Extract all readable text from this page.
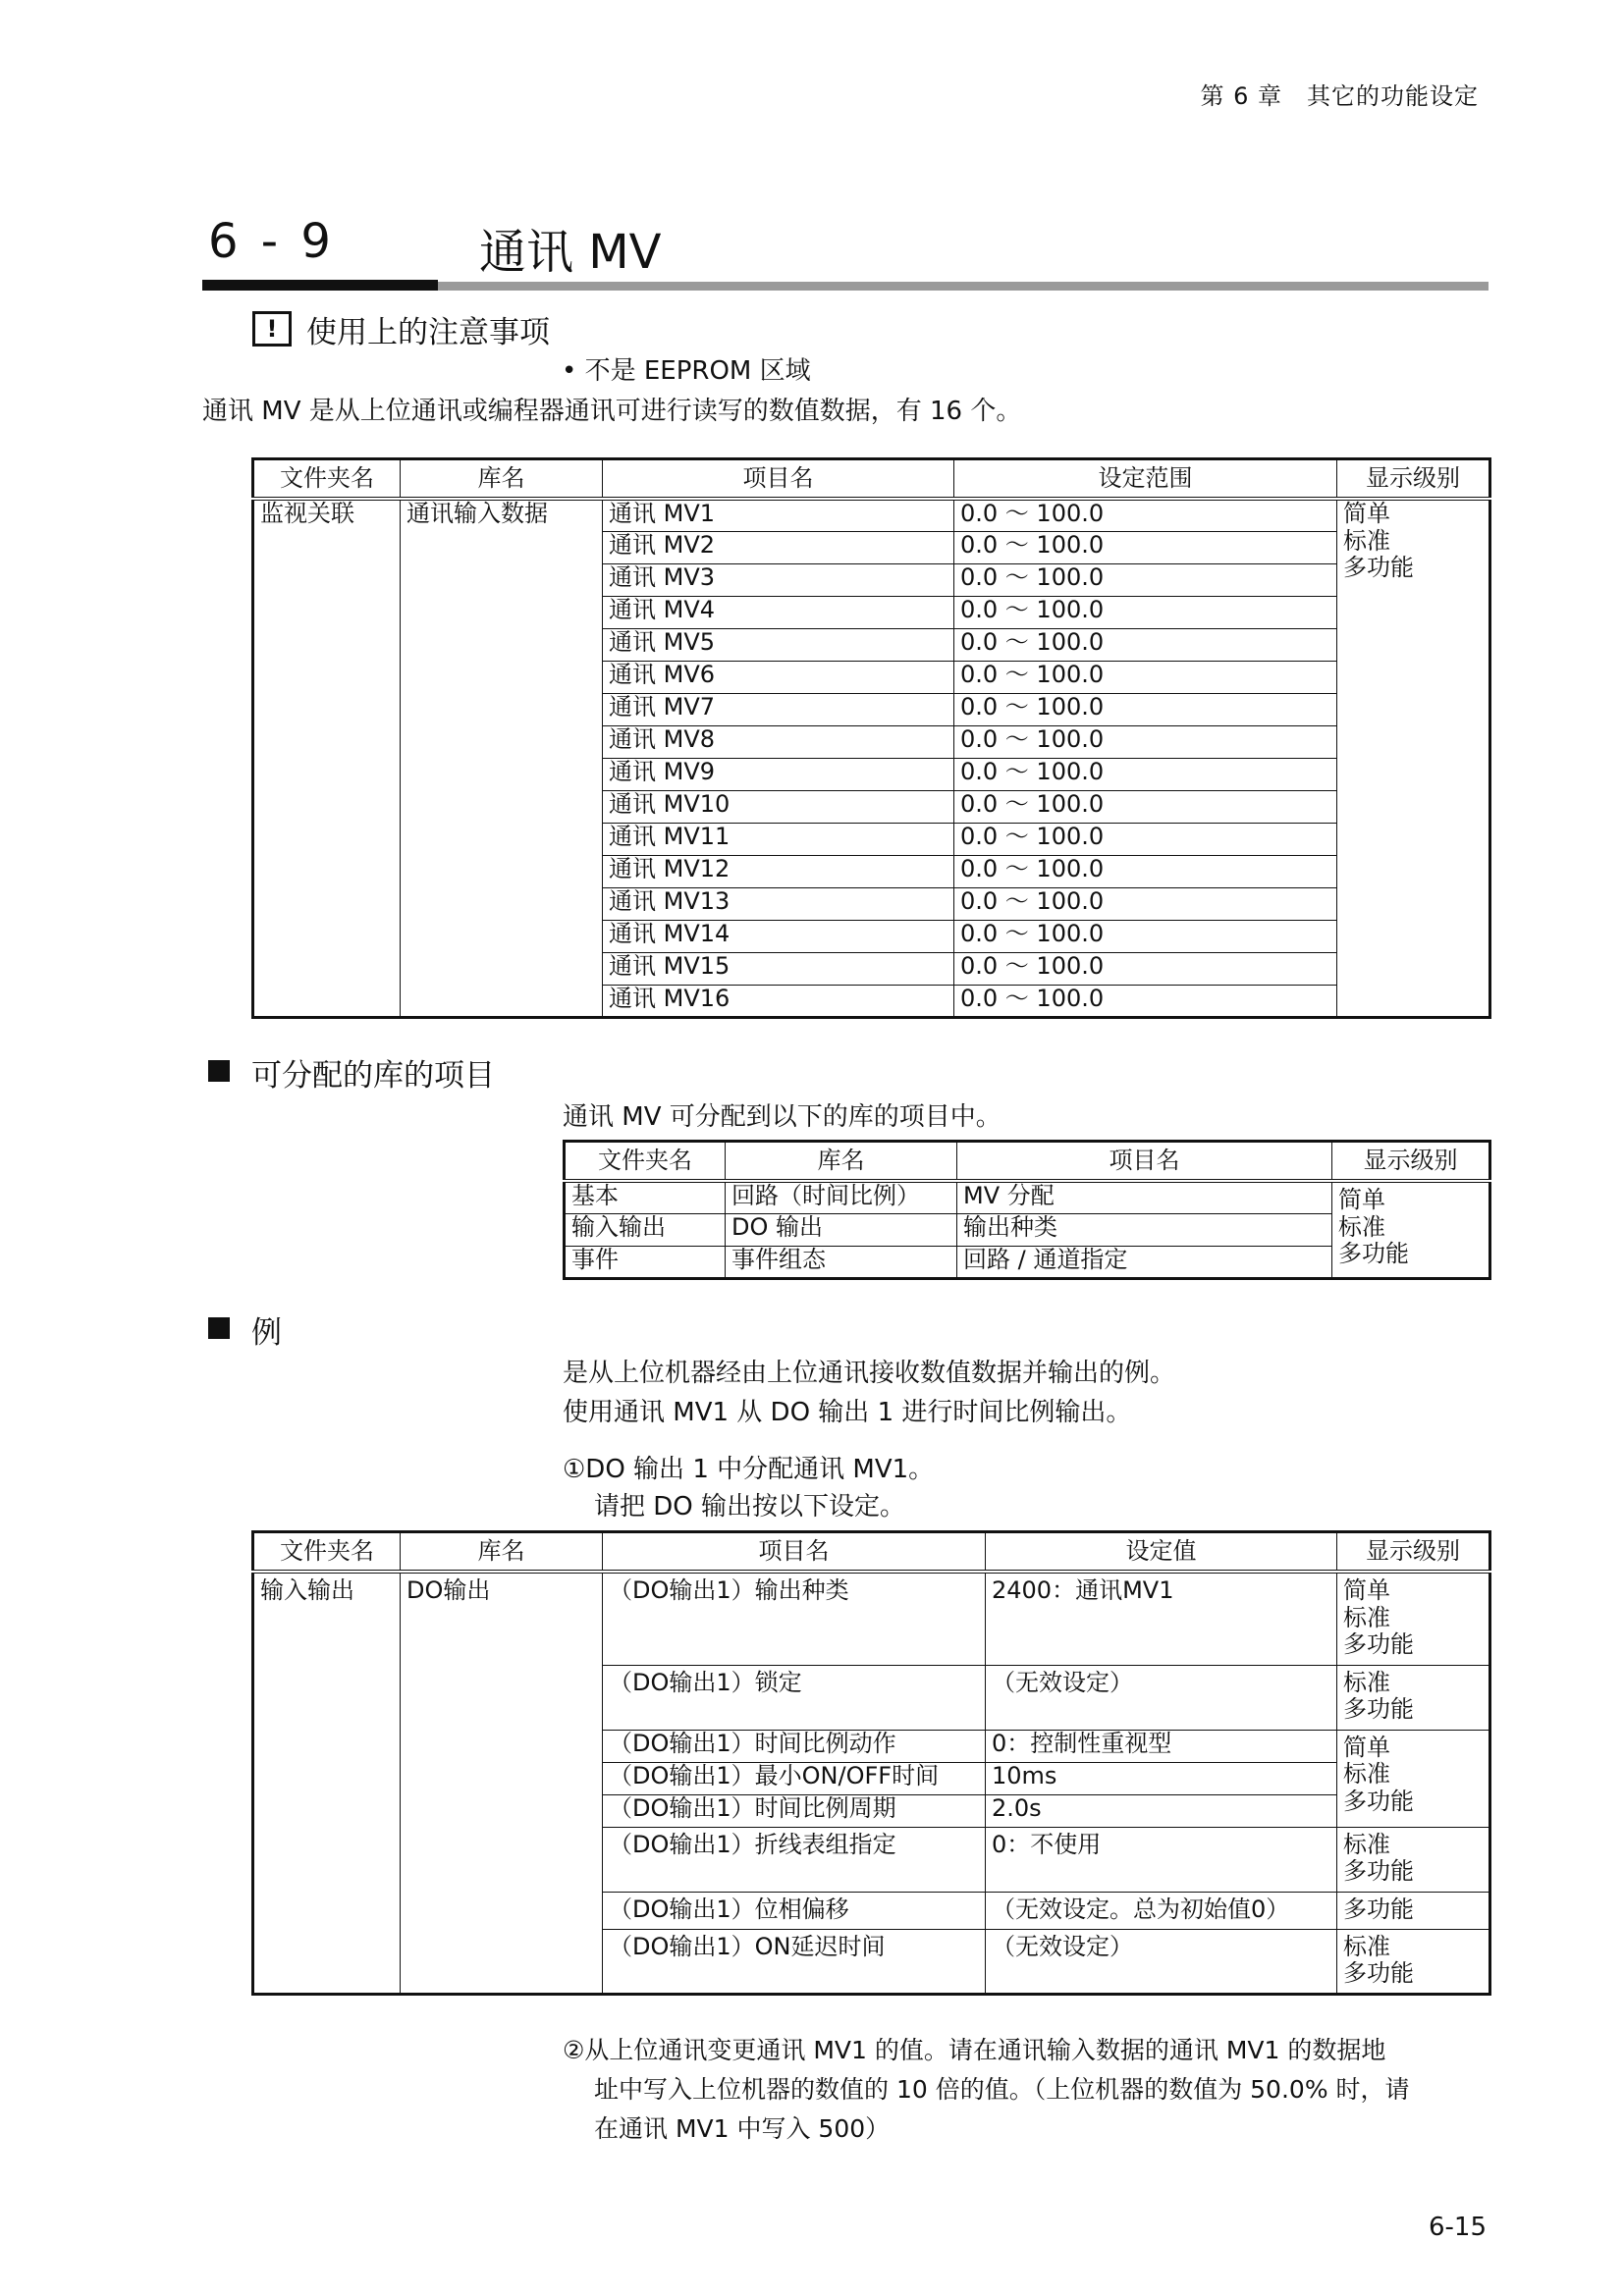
第 6 章　其它的功能设定
6 - 9	通讯 MV
! 使用上的注意事项
• 不是 EEPROM 区域
通讯 MV 是从上位通讯或编程器通讯可进行读写的数值数据，有 16 个。
文件夹名	库名	项目名	设定范围	显示级别
监视关联	通讯输入数据	通讯 MV1	0.0 ～ 100.0	简单
标准
多功能

		通讯 MV2	0.0 ～ 100.0	
		通讯 MV3	0.0 ～ 100.0	
		通讯 MV4	0.0 ～ 100.0	
		通讯 MV5	0.0 ～ 100.0	
		通讯 MV6	0.0 ～ 100.0	
		通讯 MV7	0.0 ～ 100.0	
		通讯 MV8	0.0 ～ 100.0	
		通讯 MV9	0.0 ～ 100.0	
		通讯 MV10	0.0 ～ 100.0	
		通讯 MV11	0.0 ～ 100.0	
		通讯 MV12	0.0 ～ 100.0	
		通讯 MV13	0.0 ～ 100.0	
		通讯 MV14	0.0 ～ 100.0	
		通讯 MV15	0.0 ～ 100.0	
		通讯 MV16	0.0 ～ 100.0	
可分配的库的项目
通讯 MV 可分配到以下的库的项目中。
文件夹名	库名	项目名	显示级别
基本	回路（时间比例）	MV 分配	简单
标准
多功能

输入输出	DO 输出	输出种类	
事件	事件组态	回路 / 通道指定	
例
是从上位机器经由上位通讯接收数值数据并输出的例。
使用通讯 MV1 从 DO 输出 1 进行时间比例输出。
①DO 输出 1 中分配通讯 MV1。
请把 DO 输出按以下设定。
文件夹名	库名	项目名	设定值	显示级别
输入输出	DO输出	（DO输出1）输出种类	2400：通讯MV1	简单
标准
多功能

		（DO输出1）锁定	（无效设定）	标准
多功能

		（DO输出1）时间比例动作	0：控制性重视型	简单
标准
多功能

		（DO输出1）最小ON/OFF时间	10ms	
		（DO输出1）时间比例周期	2.0s	
		（DO输出1）折线表组指定	0：不使用	标准
多功能

		（DO输出1）位相偏移	（无效设定。总为初始值0）	多功能

		（DO输出1）ON延迟时间	（无效设定）	标准
多功能
②从上位通讯变更通讯 MV1 的值。请在通讯输入数据的通讯 MV1 的数据地
址中写入上位机器的数值的 10 倍的值。（上位机器的数值为 50.0% 时，请
在通讯 MV1 中写入 500）
6-15
